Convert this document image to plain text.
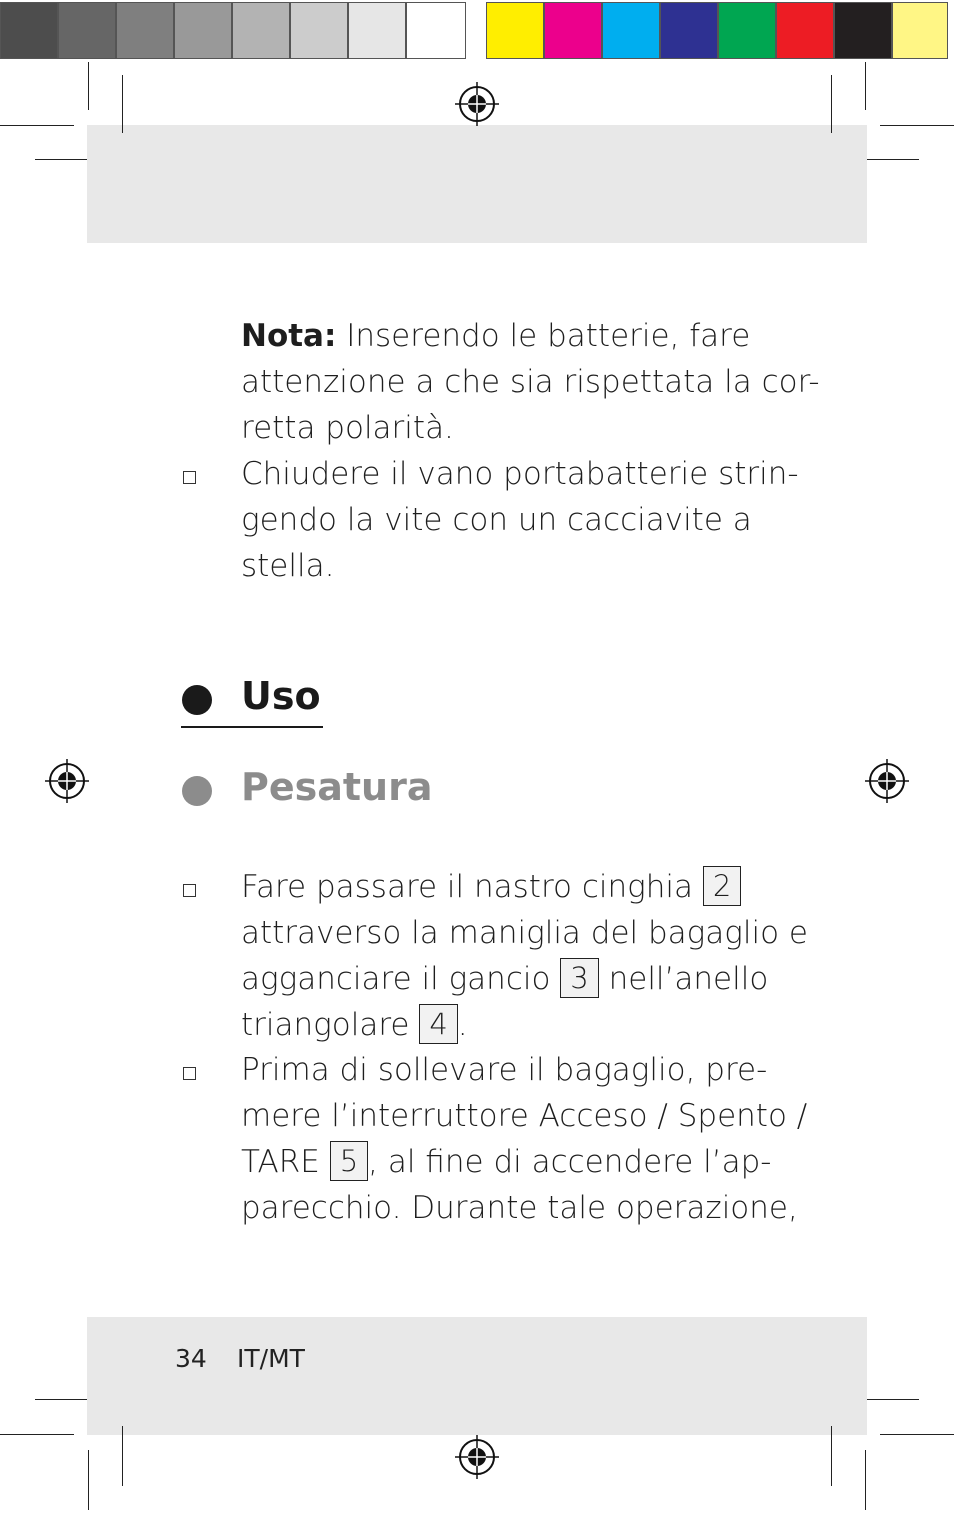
Nota: Inserendo le batterie, fare
attenzione a che sia rispettata la cor-
retta polarità.
Chiudere il vano portabatterie strin-
gendo la vite con un cacciavite a
stella.
Uso
Pesatura
Fare passare il nastro cinghia 2
attraverso la maniglia del bagaglio e
agganciare il gancio 3 nell’anello
triangolare 4 .
Prima di sollevare il bagaglio, pre-
mere l’interruttore Acceso / Spento /
TARE 5 , al fine di accendere l’ap-
parecchio. Durante tale operazione,
34 IT/MT
